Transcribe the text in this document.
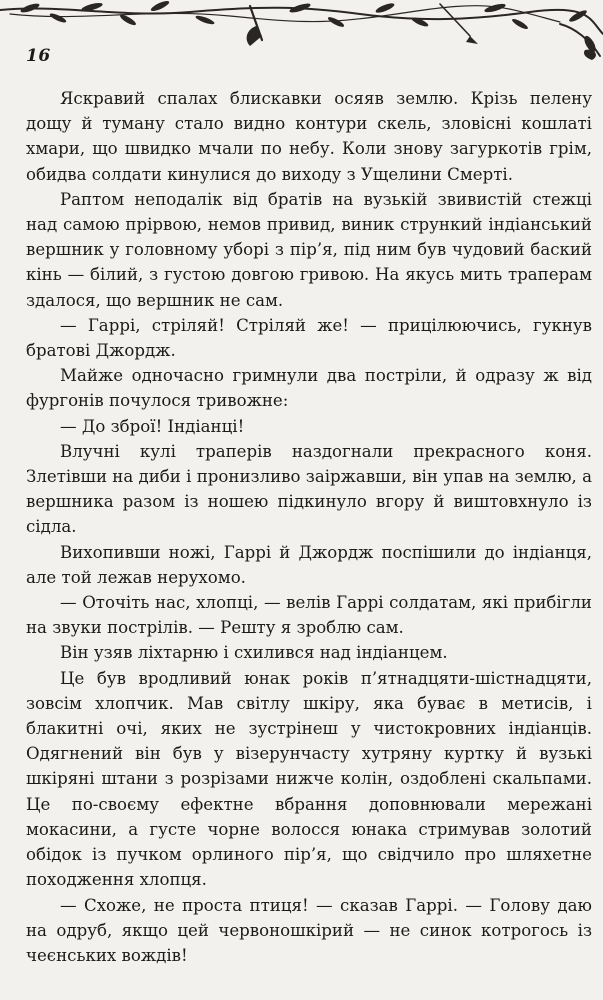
16

Яскравий спалах блискавки осяяв землю. Крізь пелену дощу й туману стало видно контури скель, зловісні кошлаті хмари, що швидко мчали по небу. Коли знову загуркотів грім, обидва солдати кинулися до виходу з Ущелини Смерті.

Раптом неподалік від братів на вузькій звивистій стежці над самою прірвою, немов привид, виник стрункий індіанський вершник у головному уборі з пір’я, під ним був чудовий баский кінь — білий, з густою довгою гривою. На якусь мить траперам здалося, що вершник не сам.

— Гаррі, стріляй! Стріляй же! — прицілюючись, гукнув братові Джордж.

Майже одночасно гримнули два постріли, й одразу ж від фургонів почулося тривожне:

— До зброї! Індіанці!

Влучні кулі траперів наздогнали прекрасного коня. Злетівши на диби і пронизливо заіржавши, він упав на землю, а вершника разом із ношею підкинуло вгору й виштовхнуло із сідла.

Вихопивши ножі, Гаррі й Джордж поспішили до індіанця, але той лежав нерухомо.

— Оточіть нас, хлопці, — велів Гаррі солдатам, які прибігли на звуки пострілів. — Решту я зроблю сам.

Він узяв ліхтарню і схилився над індіанцем.

Це був вродливий юнак років п’ятнадцяти-шістнадцяти, зовсім хлопчик. Мав світлу шкіру, яка буває в метисів, і блакитні очі, яких не зустрінеш у чистокровних індіанців. Одягнений він був у візерунчасту хутряну куртку й вузькі шкіряні штани з розрізами нижче колін, оздоблені скальпами. Це по-своєму ефектне вбрання доповнювали мережані мокасини, а густе чорне волосся юнака стримував золотий обідок із пучком орлиного пір’я, що свідчило про шляхетне походження хлопця.

— Схоже, не проста птиця! — сказав Гаррі. — Голову даю на одруб, якщо цей червоношкірий — не синок котрогось із чеєнських вождів!
